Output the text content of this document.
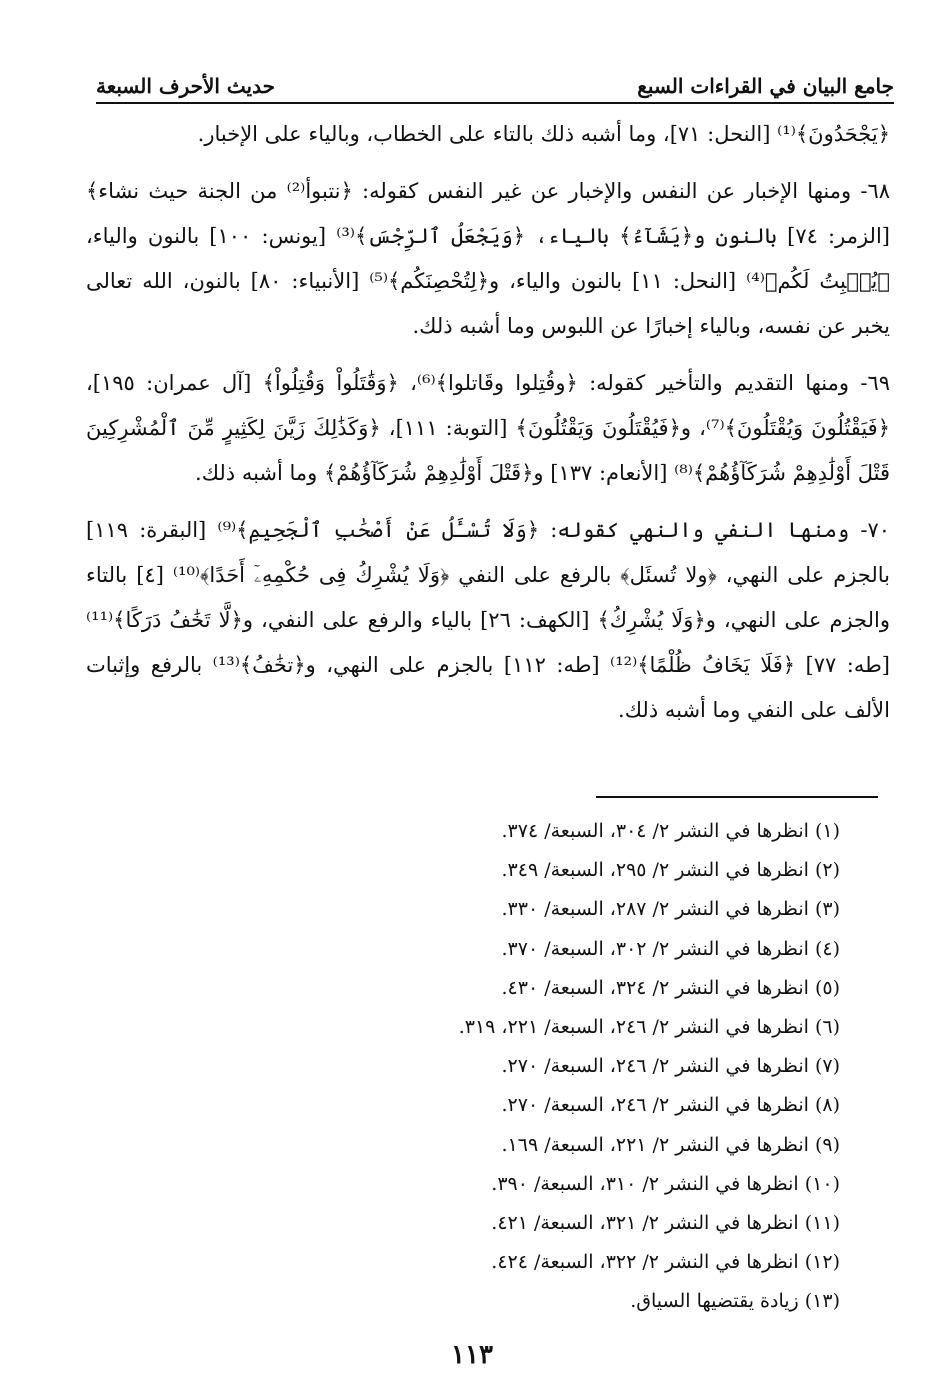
جامع البيان في القراءات السبع
حديث الأحرف السبعة

﴿يَجْحَدُونَ﴾⁽¹⁾ [النحل: ٧١]، وما أشبه ذلك بالتاء على الخطاب، وبالياء على الإخبار.

٦٨- ومنها الإخبار عن النفس والإخبار عن غير النفس كقوله: ﴿نتبوأ⁽²⁾ من الجنة حيث نشاء﴾ [الزمر: ٧٤] بالنون و﴿يَشَآءُ﴾ بالياء، ﴿وَيَجْعَلُ ٱلرِّجْسَ﴾⁽³⁾ [يونس: ١٠٠] بالنون والياء، ﴿يُنۢبِتُ لَكُم﴾⁽⁴⁾ [النحل: ١١] بالنون والياء، و﴿لِتُحْصِنَكُم﴾⁽⁵⁾ [الأنبياء: ٨٠] بالنون، الله تعالى يخبر عن نفسه، وبالياء إخبارًا عن اللبوس وما أشبه ذلك.

٦٩- ومنها التقديم والتأخير كقوله: ﴿وقُتِلوا وقَاتلوا﴾⁽⁶⁾، ﴿وَقَٰتَلُواْ وَقُتِلُواْ﴾ [آل عمران: ١٩٥]، ﴿فَيَقْتُلُونَ وَيُقْتَلُونَ﴾⁽⁷⁾، و﴿فَيُقْتَلُونَ وَيَقْتُلُونَ﴾ [التوبة: ١١١]، ﴿وَكَذَٰلِكَ زَيَّنَ لِكَثِيرٍ مِّنَ ٱلْمُشْرِكِينَ قَتْلَ أَوْلَٰدِهِمْ شُرَكَآؤُهُمْ﴾⁽⁸⁾ [الأنعام: ١٣٧] و﴿قَتْلَ أَوْلَٰدِهِمْ شُرَكَآؤُهُمْ﴾ وما أشبه ذلك.

٧٠- ومنها النفي والنهي كقوله: ﴿وَلَا تُسْـَٔلُ عَنْ أَصْحَٰبِ ٱلْجَحِيمِ﴾⁽⁹⁾ [البقرة: ١١٩] بالجزم على النهي، ﴿ولا تُسئَل﴾ بالرفع على النفي ﴿وَلَا يُشْرِكُ فِى حُكْمِهِۦٓ أَحَدًا﴾⁽¹⁰⁾ [٤] بالتاء والجزم على النهي، و﴿وَلَا يُشْرِكُ﴾ [الكهف: ٢٦] بالياء والرفع على النفي، و﴿لَّا تَخَٰفُ دَرَكًا﴾⁽¹¹⁾ [طه: ٧٧] ﴿فَلَا يَخَافُ ظُلْمًا﴾⁽¹²⁾ [طه: ١١٢] بالجزم على النهي، و﴿تخَٰفُ﴾⁽¹³⁾ بالرفع وإثبات الألف على النفي وما أشبه ذلك.

(١) انظرها في النشر ٢/ ٣٠٤، السبعة/ ٣٧٤.
(٢) انظرها في النشر ٢/ ٢٩٥، السبعة/ ٣٤٩.
(٣) انظرها في النشر ٢/ ٢٨٧، السبعة/ ٣٣٠.
(٤) انظرها في النشر ٢/ ٣٠٢، السبعة/ ٣٧٠.
(٥) انظرها في النشر ٢/ ٣٢٤، السبعة/ ٤٣٠.
(٦) انظرها في النشر ٢/ ٢٤٦، السبعة/ ٢٢١، ٣١٩.
(٧) انظرها في النشر ٢/ ٢٤٦، السبعة/ ٢٧٠.
(٨) انظرها في النشر ٢/ ٢٤٦، السبعة/ ٢٧٠.
(٩) انظرها في النشر ٢/ ٢٢١، السبعة/ ١٦٩.
(١٠) انظرها في النشر ٢/ ٣١٠، السبعة/ ٣٩٠.
(١١) انظرها في النشر ٢/ ٣٢١، السبعة/ ٤٢١.
(١٢) انظرها في النشر ٢/ ٣٢٢، السبعة/ ٤٢٤.
(١٣) زيادة يقتضيها السياق.
١١٣
